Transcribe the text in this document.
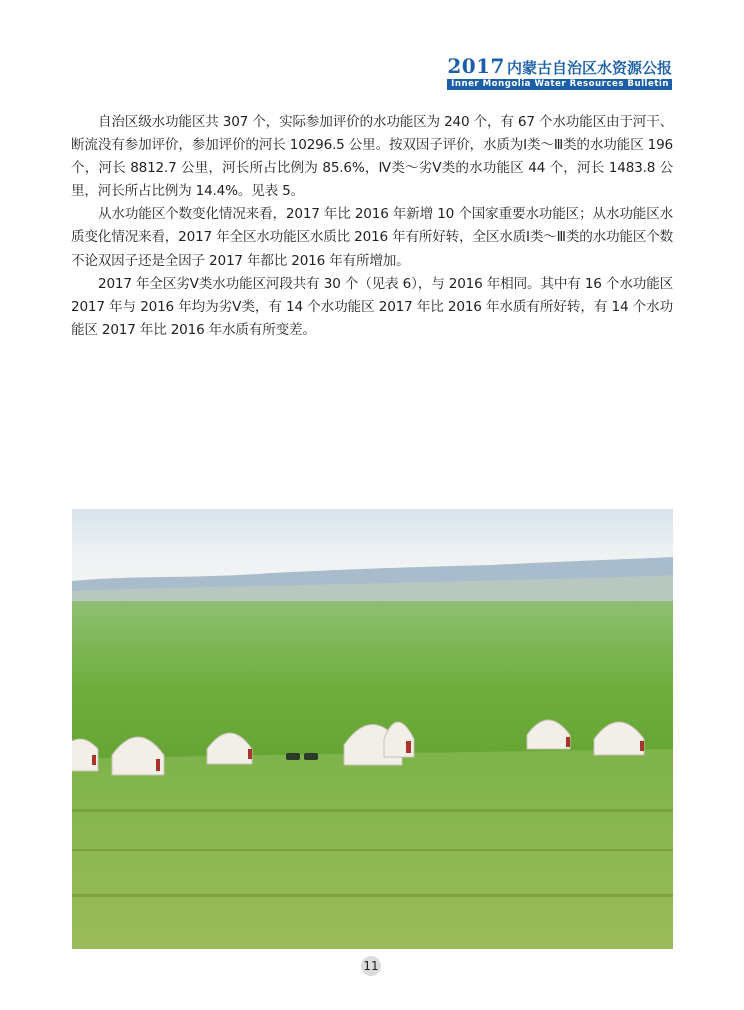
2017 内蒙古自治区水资源公报
Inner Mongolia Water Resources Bulletin

自治区级水功能区共 307 个，实际参加评价的水功能区为 240 个，有 67 个水功能区由于河干、断流没有参加评价，参加评价的河长 10296.5 公里。按双因子评价，水质为Ⅰ类～Ⅲ类的水功能区 196 个，河长 8812.7 公里，河长所占比例为 85.6%，Ⅳ类～劣Ⅴ类的水功能区 44 个，河长 1483.8 公里，河长所占比例为 14.4%。见表 5。

从水功能区个数变化情况来看，2017 年比 2016 年新增 10 个国家重要水功能区；从水功能区水质变化情况来看，2017 年全区水功能区水质比 2016 年有所好转，全区水质Ⅰ类～Ⅲ类的水功能区个数不论双因子还是全因子 2017 年都比 2016 年有所增加。

2017 年全区劣Ⅴ类水功能区河段共有 30 个（见表 6），与 2016 年相同。其中有 16 个水功能区 2017 年与 2016 年均为劣Ⅴ类，有 14 个水功能区 2017 年比 2016 年水质有所好转，有 14 个水功能区 2017 年比 2016 年水质有所变差。

11
